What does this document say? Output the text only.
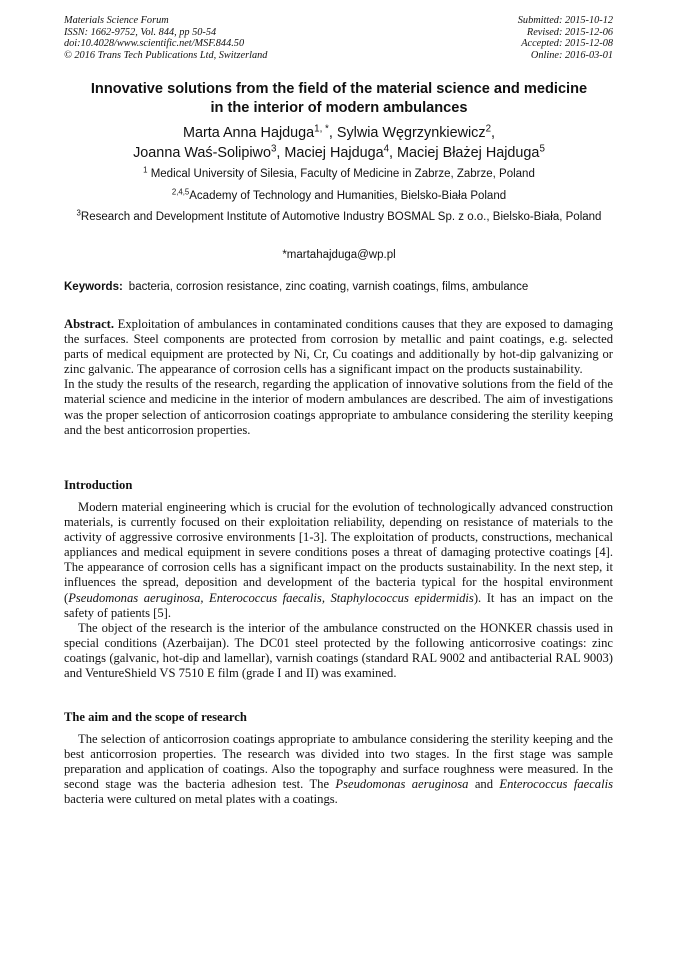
Materials Science Forum
ISSN: 1662-9752, Vol. 844, pp 50-54
doi:10.4028/www.scientific.net/MSF.844.50
© 2016 Trans Tech Publications Ltd, Switzerland
Submitted: 2015-10-12
Revised: 2015-12-06
Accepted: 2015-12-08
Online: 2016-03-01
Innovative solutions from the field of the material science and medicine
in the interior of modern ambulances
Marta Anna Hajduga$^{1, *}$, Sylwia Węgrzynkiewicz$^2$,
Joanna Waś-Solipiwo$^3$, Maciej Hajduga$^4$, Maciej Błażej Hajduga$^5$
$^1$ Medical University of Silesia, Faculty of Medicine in Zabrze, Zabrze, Poland
$^{2,4,5}$Academy of Technology and Humanities, Bielsko-Biała Poland
$^3$Research and Development Institute of Automotive Industry BOSMAL Sp. z o.o., Bielsko-Biała, Poland
*martahajduga@wp.pl
Keywords: bacteria, corrosion resistance, zinc coating, varnish coatings, films, ambulance

Abstract. Exploitation of ambulances in contaminated conditions causes that they are exposed to damaging the surfaces. Steel components are protected from corrosion by metallic and paint coatings, e.g. selected parts of medical equipment are protected by Ni, Cr, Cu coatings and additionally by hot-dip galvanizing or zinc galvanic. The appearance of corrosion cells has a significant impact on the products sustainability.

In the study the results of the research, regarding the application of innovative solutions from the field of the material science and medicine in the interior of modern ambulances are described. The aim of investigations was the proper selection of anticorrosion coatings appropriate to ambulance considering the sterility keeping and the best anticorrosion properties.

Introduction

Modern material engineering which is crucial for the evolution of technologically advanced construction materials, is currently focused on their exploitation reliability, depending on resistance of materials to the activity of aggressive corrosive environments [1-3]. The exploitation of products, constructions, mechanical appliances and medical equipment in severe conditions poses a threat of damaging protective coatings [4]. The appearance of corrosion cells has a significant impact on the products sustainability. In the next step, it influences the spread, deposition and development of the bacteria typical for the hospital environment (Pseudomonas aeruginosa, Enterococcus faecalis, Staphylococcus epidermidis). It has an impact on the safety of patients [5].

The object of the research is the interior of the ambulance constructed on the HONKER chassis used in special conditions (Azerbaijan). The DC01 steel protected by the following anticorrosive coatings: zinc coatings (galvanic, hot-dip and lamellar), varnish coatings (standard RAL 9002 and antibacterial RAL 9003) and VentureShield VS 7510 E film (grade I and II) was examined.

The aim and the scope of research

The selection of anticorrosion coatings appropriate to ambulance considering the sterility keeping and the best anticorrosion properties. The research was divided into two stages. In the first stage was sample preparation and application of coatings. Also the topography and surface roughness were measured. In the second stage was the bacteria adhesion test. The Pseudomonas aeruginosa and Enterococcus faecalis bacteria were cultured on metal plates with a coatings.
